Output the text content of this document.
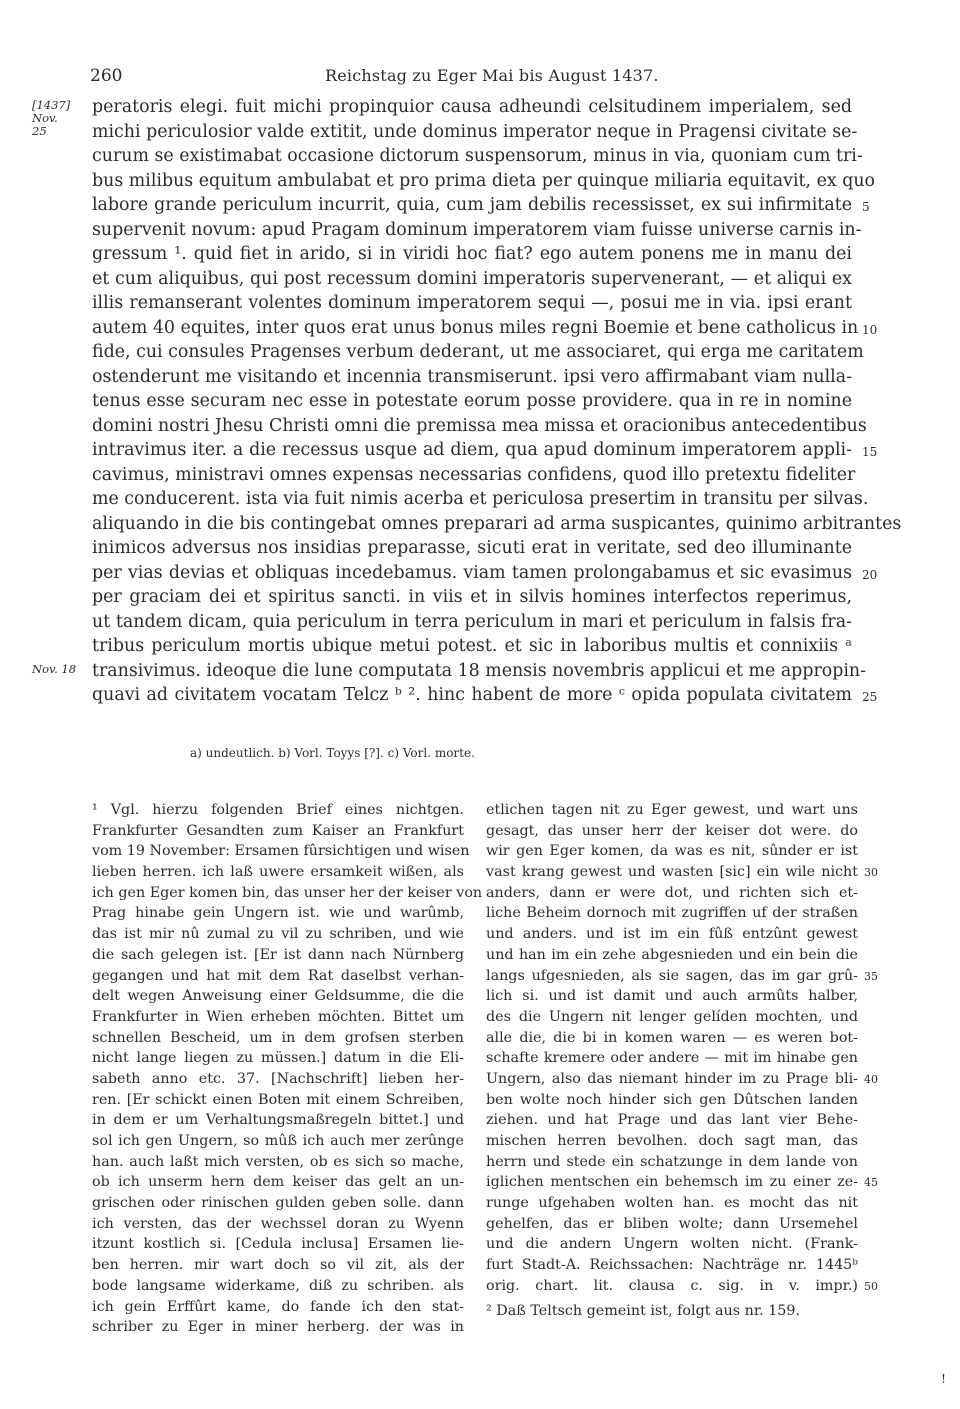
260	Reichstag zu Eger Mai bis August 1437.
peratoris elegi. fuit michi propinquior causa adheundi celsitudinem imperialem, sed
[1437] Nov. 25	michi periculosior valde extitit, unde dominus imperator neque in Pragensi civitate se-
curum se existimabat occasione dictorum suspensorum, minus in via, quoniam cum tri-
bus milibus equitum ambulabat et pro prima dieta per quinque miliaria equitavit, ex quo
labore grande periculum incurrit, quia, cum jam debilis recessisset, ex sui infirmitate 5
supervenit novum: apud Pragam dominum imperatorem viam fuisse universe carnis in-
gressum ¹. quid fiet in arido, si in viridi hoc fiat? ego autem ponens me in manu dei
et cum aliquibus, qui post recessum domini imperatoris supervenerant, — et aliqui ex
illis remanserant volentes dominum imperatorem sequi —, posui me in via. ipsi erant
autem 40 equites, inter quos erat unus bonus miles regni Boemie et bene catholicus in 10
fide, cui consules Pragenses verbum dederant, ut me associaret, qui erga me caritatem
ostenderunt me visitando et incennia transmiserunt. ipsi vero affirmabant viam nulla-
tenus esse securam nec esse in potestate eorum posse providere. qua in re in nomine
domini nostri Jhesu Christi omni die premissa mea missa et oracionibus antecedentibus
intravimus iter. a die recessus usque ad diem, qua apud dominum imperatorem appli- 15
cavimus, ministravi omnes expensas necessarias confidens, quod illo pretextu fideliter
me conducerent. ista via fuit nimis acerba et periculosa presertim in transitu per silvas.
aliquando in die bis contingebat omnes preparari ad arma suspicantes, quinimo arbitrantes
inimicos adversus nos insidias preparasse, sicuti erat in veritate, sed deo illuminante
per vias devias et obliquas incedebamus. viam tamen prolongabamus et sic evasimus 20
per graciam dei et spiritus sancti. in viis et in silvis homines interfectos reperimus,
ut tandem dicam, quia periculum in terra periculum in mari et periculum in falsis fra-
tribus periculum mortis ubique metui potest. et sic in laboribus multis et connixiis ᵃ
transivimus. ideoque die lune computata 18 mensis novembris applicui et me appropin-
Nov. 18
quavi ad civitatem vocatam Telcz ᵇ ². hinc habent de more ᶜ opida populata civitatem 25
a) undeutlich. b) Vorl. Toyys [?]. c) Vorl. morte.
¹ Vgl. hierzu folgenden Brief eines nichtgen.
Frankfurter Gesandten zum Kaiser an Frankfurt
vom 19 November: Ersamen fûrsichtigen und wisen
lieben herren. ich laß uwere ersamkeit wißen, als
ich gen Eger komen bin, das unser her der keiser von
Prag hinabe gein Ungern ist. wie und warûmb,
das ist mir nû zumal zu vil zu schriben, und wie
die sach gelegen ist. [Er ist dann nach Nürnberg
gegangen und hat mit dem Rat daselbst verhan-
delt wegen Anweisung einer Geldsumme, die die
Frankfurter in Wien erheben möchten. Bittet um
schnellen Bescheid, um in dem grofsen sterben
nicht lange liegen zu müssen.] datum in die Eli-
sabeth anno etc. 37. [Nachschrift] lieben her-
ren. [Er schickt einen Boten mit einem Schreiben,
in dem er um Verhaltungsmaßregeln bittet.] und
sol ich gen Ungern, so mûß ich auch mer zerûnge
han. auch laßt mich versten, ob es sich so mache,
ob ich unserm hern dem keiser das gelt an un-
grischen oder rinischen gulden geben solle. dann
ich versten, das der wechssel doran zu Wyenn
itzunt kostlich si. [Cedula inclusa] Ersamen lie-
ben herren. mir wart doch so vil zit, als der
bode langsame widerkame, diß zu schriben. als
ich gein Erffûrt kame, do fande ich den stat-
schriber zu Eger in miner herberg. der was in
etlichen tagen nit zu Eger gewest, und wart uns
gesagt, das unser herr der keiser dot were. do
wir gen Eger komen, da was es nit, sûnder er ist
vast krang gewest und wasten [sic] ein wile nicht 30
anders, dann er were dot, und richten sich et-
liche Beheim dornoch mit zugriffen uf der straßen
und anders. und ist im ein fûß entzûnt gewest
und han im ein zehe abgesnieden und ein bein die
langs ufgesnieden, als sie sagen, das im gar grû- 35
lich si. und ist damit und auch armûts halber,
des die Ungern nit lenger gelíden mochten, und
alle die, die bi in komen waren — es weren bot-
schafte kremere oder andere — mit im hinabe gen
Ungern, also das niemant hinder im zu Prage bli- 40
ben wolte noch hinder sich gen Dûtschen landen
ziehen. und hat Prage und das lant vier Behe-
mischen herren bevolhen. doch sagt man, das
herrn und stede ein schatzunge in dem lande von
iglichen mentschen ein behemsch im zu einer ze- 45
runge ufgehaben wolten han. es mocht das nit
gehelfen, das er bliben wolte; dann Ursemehel
und die andern Ungern wolten nicht. (Frank-
furt Stadt-A. Reichssachen: Nachträge nr. 1445ᵇ
orig. chart. lit. clausa c. sig. in v. impr.) 50
² Daß Teltsch gemeint ist, folgt aus nr. 159.
!
